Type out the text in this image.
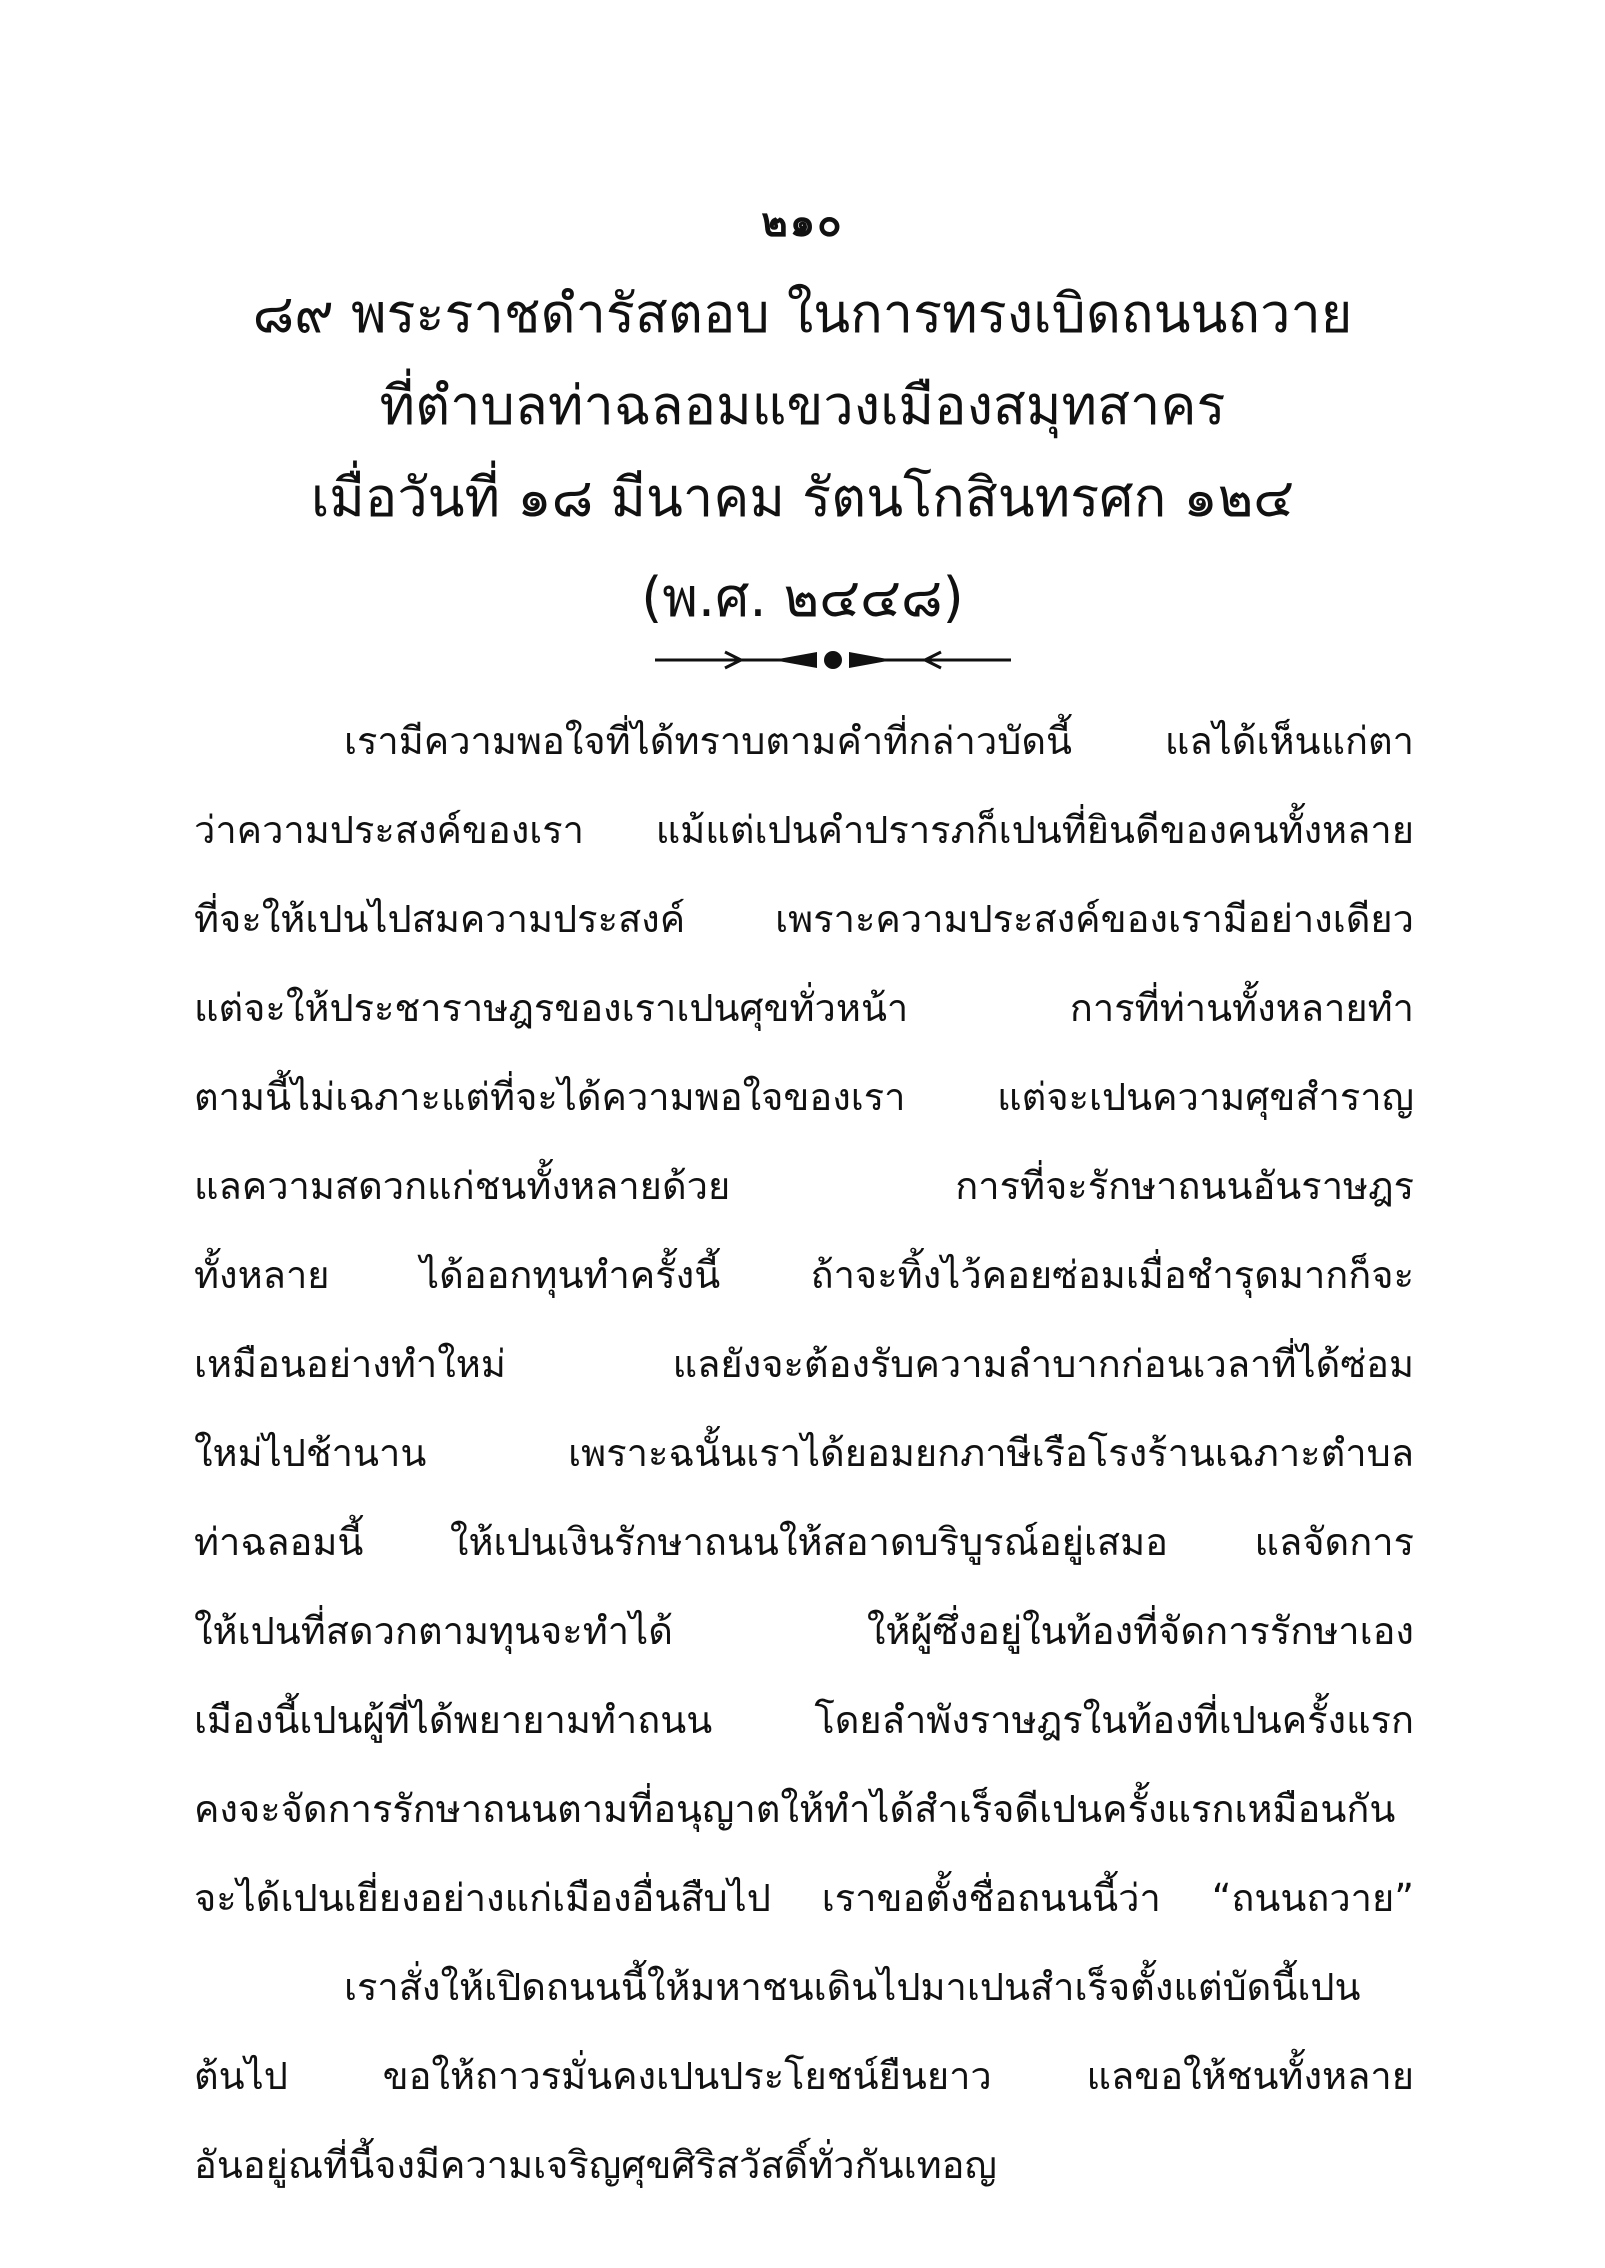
๒๑๐
๘๙ พระราชดำรัสตอบ ในการทรงเบิดถนนถวาย
ที่ตำบลท่าฉลอมแขวงเมืองสมุทสาคร
เมื่อวันที่ ๑๘ มีนาคม รัตนโกสินทรศก ๑๒๔
(พ.ศ. ๒๔๔๘)
เรามีความพอใจที่ได้ทราบตามคำที่กล่าวบัดนี้ แลได้เห็นแก่ตา
ว่าความประสงค์ของเรา แม้แต่เปนคำปรารภก็เปนที่ยินดีของคนทั้งหลาย
ที่จะให้เปนไปสมความประสงค์ เพราะความประสงค์ของเรามีอย่างเดียว
แต่จะให้ประชาราษฎรของเราเปนศุขทั่วหน้า	การที่ท่านทั้งหลายทำ
ตามนี้ไม่เฉภาะแต่ที่จะได้ความพอใจของเรา แต่จะเปนความศุขสำราญ
แลความสดวกแก่ชนทั้งหลายด้วย	การที่จะรักษาถนนอันราษฎร
ทั้งหลาย ได้ออกทุนทำครั้งนี้ ถ้าจะทิ้งไว้คอยซ่อมเมื่อชำรุดมากก็จะ
เหมือนอย่างทำใหม่	แลยังจะต้องรับความลำบากก่อนเวลาที่ได้ซ่อม
ใหม่ไปช้านาน	เพราะฉนั้นเราได้ยอมยกภาษีเรือโรงร้านเฉภาะตำบล
ท่าฉลอมนี้ ให้เปนเงินรักษาถนนให้สอาดบริบูรณ์อยู่เสมอ แลจัดการ
ให้เปนที่สดวกตามทุนจะทำได้	ให้ผู้ซึ่งอยู่ในท้องที่จัดการรักษาเอง
เมืองนี้เปนผู้ที่ได้พยายามทำถนน	โดยลำพังราษฎรในท้องที่เปนครั้งแรก
คงจะจัดการรักษาถนนตามที่อนุญาตให้ทำได้สำเร็จดีเปนครั้งแรกเหมือนกัน
จะได้เปนเยี่ยงอย่างแก่เมืองอื่นสืบไป เราขอตั้งชื่อถนนนี้ว่า “ถนนถวาย”
เราสั่งให้เปิดถนนนี้ให้มหาชนเดินไปมาเปนสำเร็จตั้งแต่บัดนี้เปน
ต้นไป ขอให้ถาวรมั่นคงเปนประโยชน์ยืนยาว แลขอให้ชนทั้งหลาย
อันอยู่ณที่นี้จงมีความเจริญศุขศิริสวัสดิ์ทั่วกันเทอญ
